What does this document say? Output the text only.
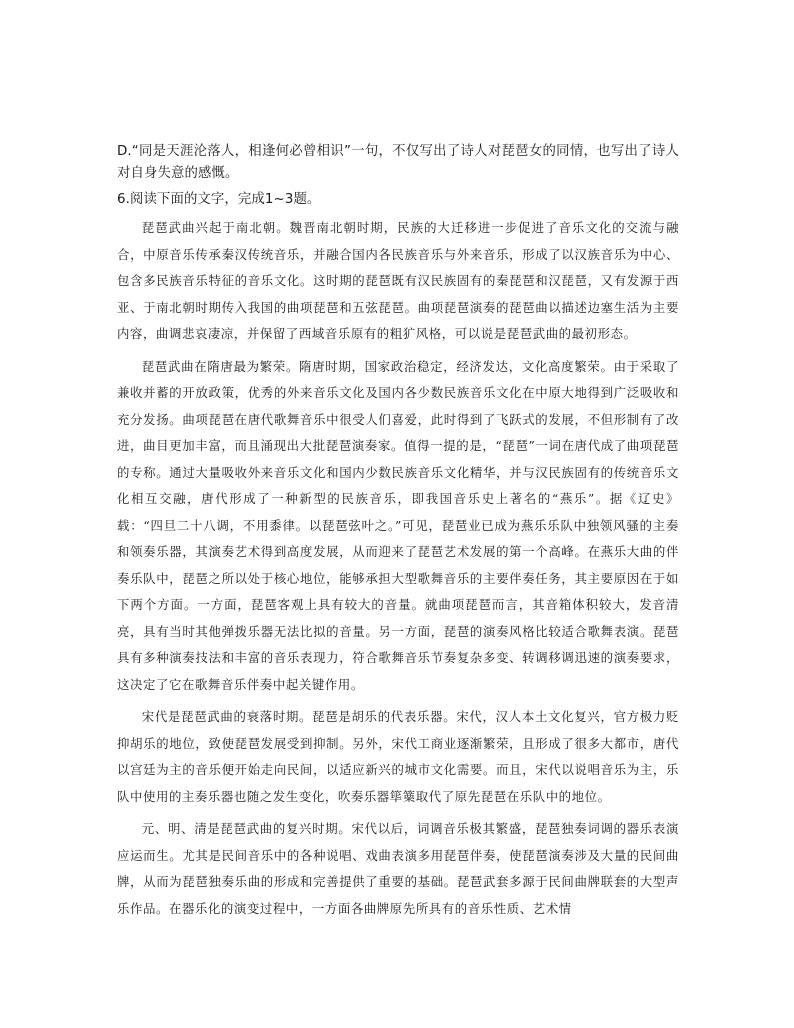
D.“同是天涯沦落人，相逢何必曾相识”一句，不仅写出了诗人对琵琶女的同情，也写出了诗人对自身失意的感慨。

6.阅读下面的文字，完成1~3题。

琵琶武曲兴起于南北朝。魏晋南北朝时期，民族的大迁移进一步促进了音乐文化的交流与融合，中原音乐传承秦汉传统音乐，并融合国内各民族音乐与外来音乐，形成了以汉族音乐为中心、包含多民族音乐特征的音乐文化。这时期的琵琶既有汉民族固有的秦琵琶和汉琵琶，又有发源于西亚、于南北朝时期传入我国的曲项琵琶和五弦琵琶。曲项琵琶演奏的琵琶曲以描述边塞生活为主要内容，曲调悲哀凄凉，并保留了西域音乐原有的粗犷风格，可以说是琵琶武曲的最初形态。

琵琶武曲在隋唐最为繁荣。隋唐时期，国家政治稳定，经济发达，文化高度繁荣。由于采取了兼收并蓄的开放政策，优秀的外来音乐文化及国内各少数民族音乐文化在中原大地得到广泛吸收和充分发扬。曲项琵琶在唐代歌舞音乐中很受人们喜爱，此时得到了飞跃式的发展，不但形制有了改进，曲目更加丰富，而且涌现出大批琵琶演奏家。值得一提的是，“琵琶”一词在唐代成了曲项琵琶的专称。通过大量吸收外来音乐文化和国内少数民族音乐文化精华，并与汉民族固有的传统音乐文化相互交融，唐代形成了一种新型的民族音乐，即我国音乐史上著名的“燕乐”。据《辽史》载：“四旦二十八调，不用黍律。以琵琶弦叶之。”可见，琵琶业已成为燕乐乐队中独领风骚的主奏和领奏乐器，其演奏艺术得到高度发展，从而迎来了琵琶艺术发展的第一个高峰。在燕乐大曲的伴奏乐队中，琵琶之所以处于核心地位，能够承担大型歌舞音乐的主要伴奏任务，其主要原因在于如下两个方面。一方面，琵琶客观上具有较大的音量。就曲项琵琶而言，其音箱体积较大，发音清亮，具有当时其他弹拨乐器无法比拟的音量。另一方面，琵琶的演奏风格比较适合歌舞表演。琵琶具有多种演奏技法和丰富的音乐表现力，符合歌舞音乐节奏复杂多变、转调移调迅速的演奏要求，这决定了它在歌舞音乐伴奏中起关键作用。

宋代是琵琶武曲的衰落时期。琵琶是胡乐的代表乐器。宋代，汉人本土文化复兴，官方极力贬抑胡乐的地位，致使琵琶发展受到抑制。另外，宋代工商业逐渐繁荣，且形成了很多大都市，唐代以宫廷为主的音乐便开始走向民间，以适应新兴的城市文化需要。而且，宋代以说唱音乐为主，乐队中使用的主奏乐器也随之发生变化，吹奏乐器筚篥取代了原先琵琶在乐队中的地位。

元、明、清是琵琶武曲的复兴时期。宋代以后，词调音乐极其繁盛，琵琶独奏词调的器乐表演应运而生。尤其是民间音乐中的各种说唱、戏曲表演多用琵琶伴奏，使琵琶演奏涉及大量的民间曲牌，从而为琵琶独奏乐曲的形成和完善提供了重要的基础。琵琶武套多源于民间曲牌联套的大型声乐作品。在器乐化的演变过程中，一方面各曲牌原先所具有的音乐性质、艺术情
